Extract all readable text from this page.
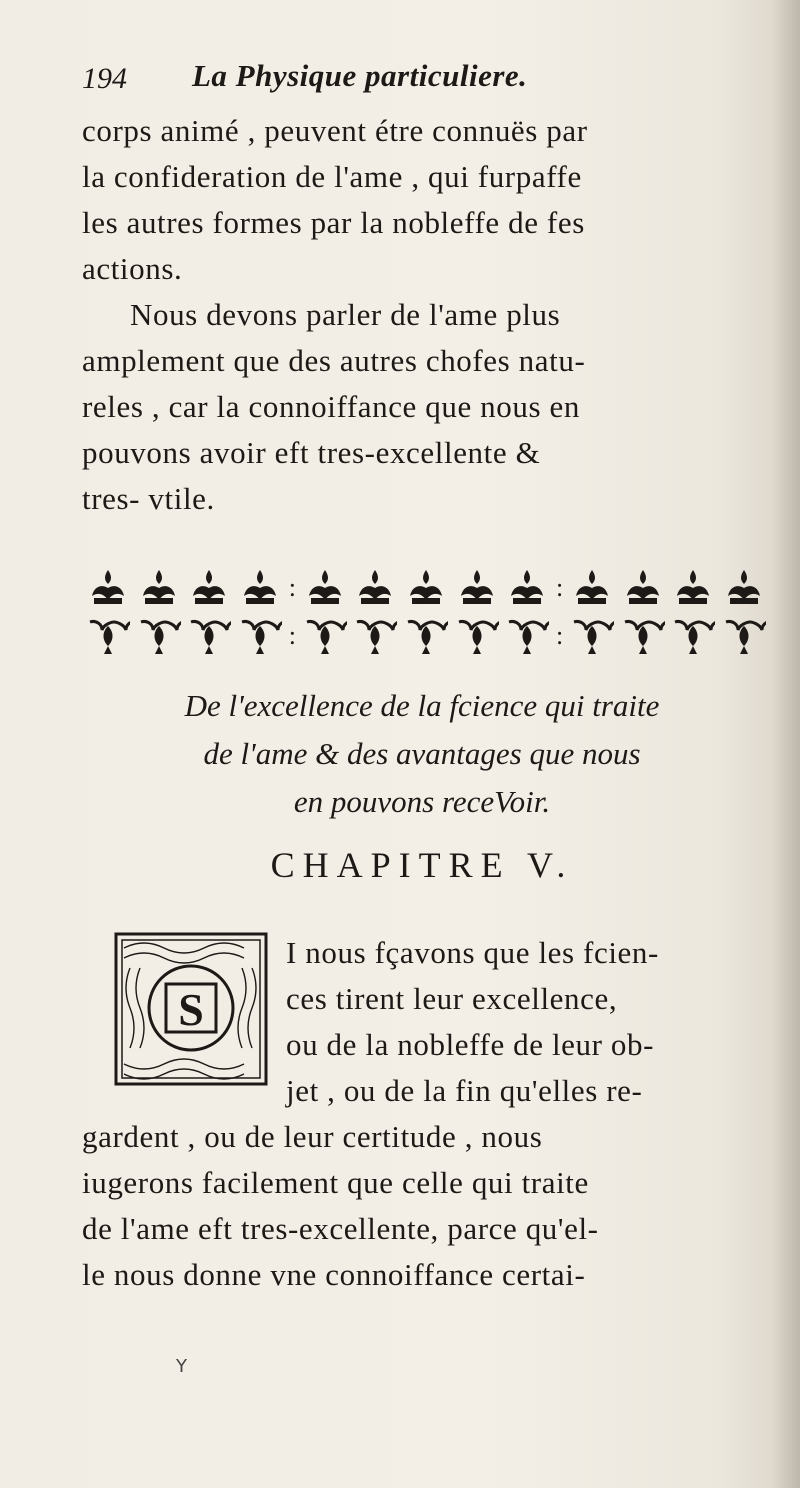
194 La Physique particuliere.
corps animé , peuvent étre connuës par
la confideration de l'ame , qui furpaffe
les autres formes par la nobleffe de fes
actions.
Nous devons parler de l'ame plus
amplement que des autres chofes natu-
reles , car la connoiffance que nous en
pouvons avoir eft tres-excellente &
tres- vtile.
:	:
:	:
De l'excellence de la fcience qui traite
de l'ame & des avantages que nous
en pouvons receVoir.
CHAPITRE V.
S
I nous fçavons que les fcien-
ces tirent leur excellence,
ou de la nobleffe de leur ob-
jet , ou de la fin qu'elles re-
gardent , ou de leur certitude , nous
iugerons facilement que celle qui traite
de l'ame eft tres-excellente, parce qu'el-
le nous donne vne connoiffance certai-
Y
